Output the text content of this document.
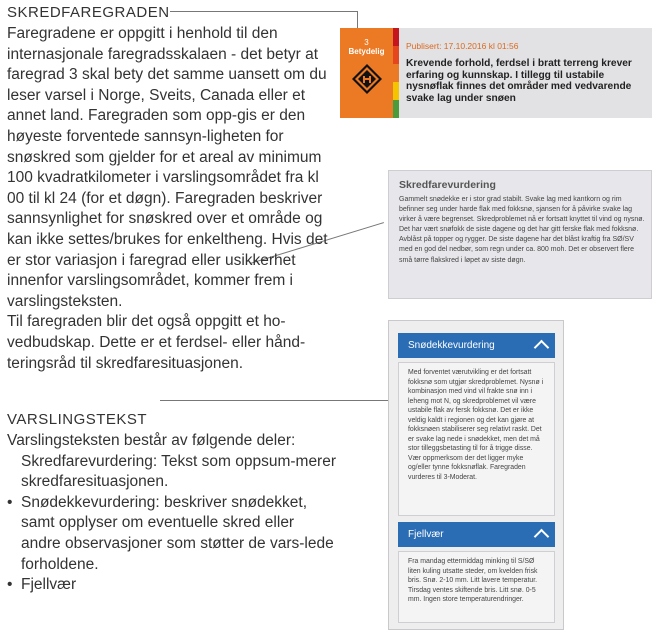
SKREDFAREGRADEN

Faregradene er oppgitt i henhold til den internasjonale faregradsskalaen - det betyr at faregrad 3 skal bety det samme uansett om du leser varsel i Norge, Sveits, Canada eller et annet land. Faregraden som opp-gis er den høyeste forventede sannsyn-ligheten for snøskred som gjelder for et areal av minimum 100 kvadratkilometer i varslingsområdet fra kl 00 til kl 24 (for et døgn). Faregraden beskriver sannsynlighet for snøskred over et område og kan ikke settes/brukes for enkeltheng. Hvis det er stor variasjon i faregrad eller usikkerhet innenfor varslingsområdet, kommer frem i varslingsteksten.

Til faregraden blir det også oppgitt et ho-vedbudskap. Dette er et ferdsel- eller hånd-teringsråd til skredfaresituasjonen.

VARSLINGSTEKST

Varslingsteksten består av følgende deler:

Skredfarevurdering: Tekst som oppsum-merer skredfaresituasjonen.

• Snødekkevurdering: beskriver snødekket, samt opplyser om eventuelle skred eller andre observasjoner som støtter de vars-lede forholdene.
• Fjellvær
3
Betydelig
Publisert: 17.10.2016 kl 01:56
Krevende forhold, ferdsel i bratt terreng krever erfaring og kunnskap. I tillegg til ustabile nysnøflak finnes det områder med vedvarende svake lag under snøen
Skredfarevurdering
Gammelt snødekke er i stor grad stabilt. Svake lag med kantkorn og rim befinner seg under harde flak med fokksnø, sjansen for å påvirke svake lag virker å være begrenset. Skredproblemet nå er fortsatt knyttet til vind og nysnø. Det har vært snøfokk de siste dagene og det har gitt ferske flak med fokksnø. Avblåst på topper og rygger. De siste dagene har det blåst kraftig fra SØ/SV med en god del nedbør, som regn under ca. 800 moh. Det er observert flere små tørre flakskred i løpet av siste døgn.
Snødekkevurdering
Med forventet værutvikling er det fortsatt fokksnø som utgjør skredproblemet. Nysnø i kombinasjon med vind vil frakte snø inn i leheng mot N, og skredproblemet vil være ustabile flak av fersk fokksnø. Det er ikke veldig kaldt i regionen og det kan gjøre at fokksnøen stabiliserer seg relativt raskt. Det er svake lag nede i snødekket, men det må stor tilleggsbetasting til for å trigge disse. Vær oppmerksom der det ligger myke og/eller tynne fokksnøflak. Faregraden vurderes til 3-Moderat.
Fjellvær
Fra mandag ettermiddag minking til S/SØ liten kuling utsatte steder, om kvelden frisk bris. Snø. 2-10 mm. Litt lavere temperatur. Tirsdag ventes skiftende bris. Litt snø. 0-5 mm. Ingen store temperaturendringer.
